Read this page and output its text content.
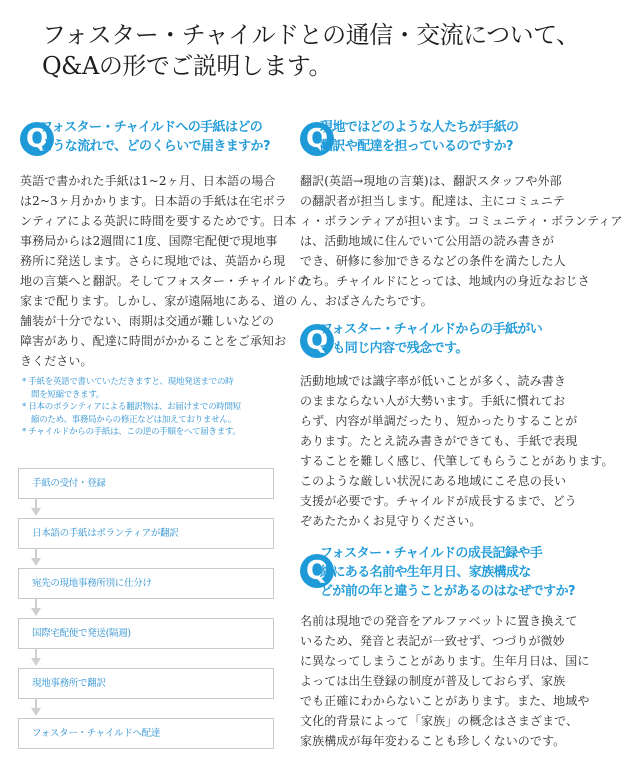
フォスター・チャイルドとの通信・交流について、
Q&Aの形でご説明します。
Q
フォスター・チャイルドへの手紙はどの
ような流れで、どのくらいで届きますか?
英語で書かれた手紙は1~2ヶ月、日本語の場合
は2~3ヶ月かかります。日本語の手紙は在宅ボラ
ンティアによる英訳に時間を要するためです。日本
事務局からは2週間に1度、国際宅配便で現地事
務所に発送します。さらに現地では、英語から現
地の言葉へと翻訳。そしてフォスター・チャイルドの
家まで配ります。しかし、家が遠隔地にある、道の
舗装が十分でない、雨期は交通が難しいなどの
障害があり、配達に時間がかかることをご承知お
きください。
* 手紙を英語で書いていただきますと、現地発送までの時
間を短縮できます。
* 日本のボランティアによる翻訳物は、お届けまでの時間短
縮のため、事務局からの修正などは加えておりません。
* チャイルドからの手紙は、この逆の手順をへて届きます。
手紙の受付・登録
日本語の手紙はボランティアが翻訳
宛先の現地事務所別に仕分け
国際宅配便で発送(隔週)
現地事務所で翻訳
フォスター・チャイルドへ配達
Q
現地ではどのような人たちが手紙の
翻訳や配達を担っているのですか?
翻訳(英語→現地の言葉)は、翻訳スタッフや外部
の翻訳者が担当します。配達は、主にコミュニテ
ィ・ボランティアが担います。コミュニティ・ボランティア
は、活動地域に住んでいて公用語の読み書きが
でき、研修に参加できるなどの条件を満たした人
たち。チャイルドにとっては、地域内の身近なおじさ
ん、おばさんたちです。
Q
フォスター・チャイルドからの手紙がい
つも同じ内容で残念です。
活動地域では識字率が低いことが多く、読み書き
のままならない人が大勢います。手紙に慣れてお
らず、内容が単調だったり、短かったりすることが
あります。たとえ読み書きができても、手紙で表現
することを難しく感じ、代筆してもらうことがあります。
このような厳しい状況にある地域にこそ息の長い
支援が必要です。チャイルドが成長するまで、どう
ぞあたたかくお見守りください。
Q
フォスター・チャイルドの成長記録や手
紙にある名前や生年月日、家族構成な
どが前の年と違うことがあるのはなぜですか?
名前は現地での発音をアルファベットに置き換えて
いるため、発音と表記が一致せず、つづりが微妙
に異なってしまうことがあります。生年月日は、国に
よっては出生登録の制度が普及しておらず、家族
でも正確にわからないことがあります。また、地域や
文化的背景によって「家族」の概念はさまざまで、
家族構成が毎年変わることも珍しくないのです。
